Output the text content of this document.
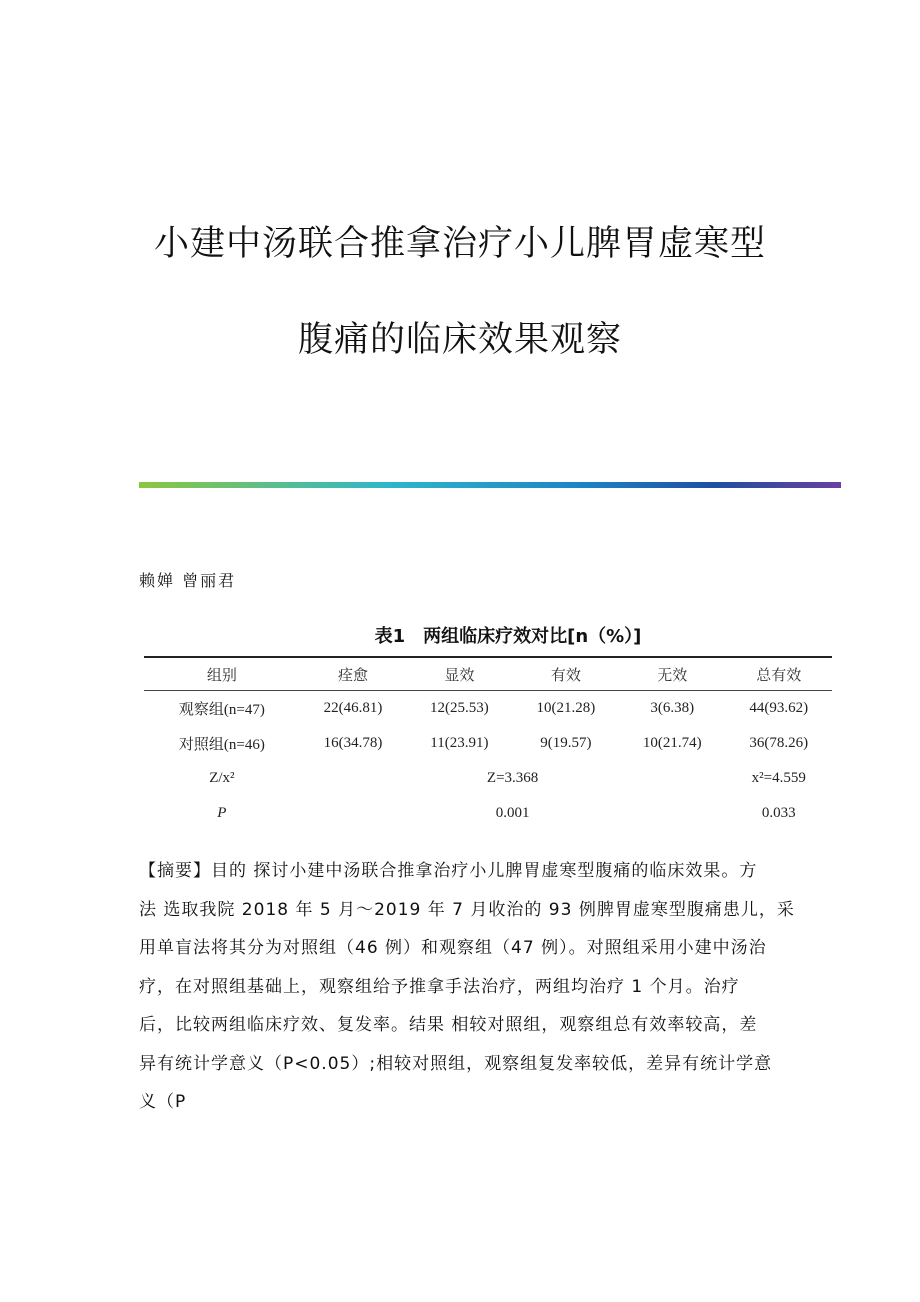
小建中汤联合推拿治疗小儿脾胃虚寒型
腹痛的临床效果观察
赖婵 曾丽君
表1　两组临床疗效对比[n（%）]
组别	痊愈	显效	有效	无效	总有效

观察组(n=47)	22(46.81)	12(25.53)	10(21.28)	3(6.38)	44(93.62)
对照组(n=46)	16(34.78)	11(23.91)	9(19.57)	10(21.74)	36(78.26)
Z/x²	Z=3.368				x²=4.559
P	0.001				0.033
【摘要】目的 探讨小建中汤联合推拿治疗小儿脾胃虚寒型腹痛的临床效果。方
法 选取我院 2018 年 5 月～2019 年 7 月收治的 93 例脾胃虚寒型腹痛患儿，采
用单盲法将其分为对照组（46 例）和观察组（47 例）。对照组采用小建中汤治
疗，在对照组基础上，观察组给予推拿手法治疗，两组均治疗 1 个月。治疗
后，比较两组临床疗效、复发率。结果 相较对照组，观察组总有效率较高，差
异有统计学意义（P<0.05）;相较对照组，观察组复发率较低，差异有统计学意
义（P
